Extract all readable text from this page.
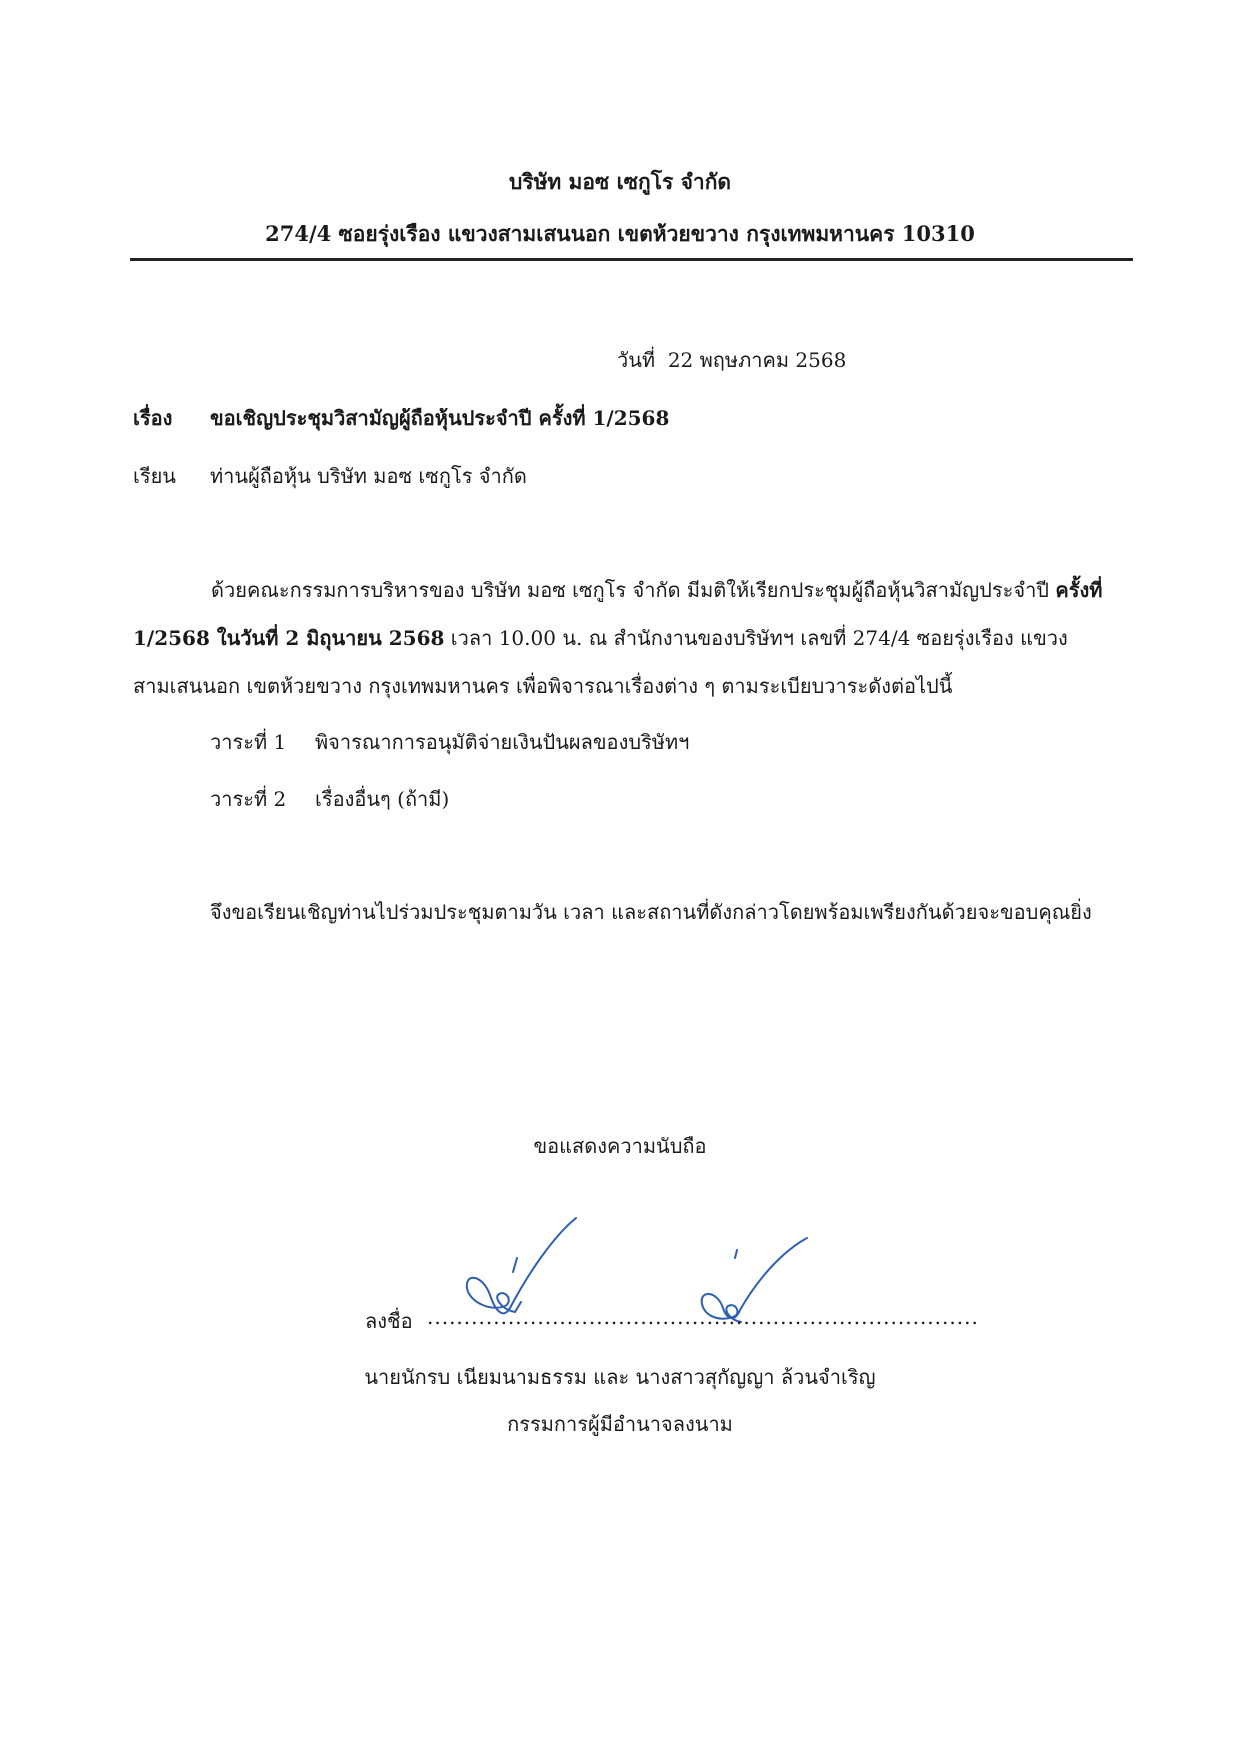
บริษัท มอซ เซกูโร จำกัด
274/4 ซอยรุ่งเรือง แขวงสามเสนนอก เขตห้วยขวาง กรุงเทพมหานคร 10310
วันที่ 22 พฤษภาคม 2568
เรื่อง ขอเชิญประชุมวิสามัญผู้ถือหุ้นประจำปี ครั้งที่ 1/2568
เรียน ท่านผู้ถือหุ้น บริษัท มอซ เซกูโร จำกัด
ด้วยคณะกรรมการบริหารของ บริษัท มอซ เซกูโร จำกัด มีมติให้เรียกประชุมผู้ถือหุ้นวิสามัญประจำปี ครั้งที่ 1/2568 ในวันที่ 2 มิถุนายน 2568 เวลา 10.00 น. ณ สำนักงานของบริษัทฯ เลขที่ 274/4 ซอยรุ่งเรือง แขวงสามเสนนอก เขตห้วยขวาง กรุงเทพมหานคร เพื่อพิจารณาเรื่องต่าง ๆ ตามระเบียบวาระดังต่อไปนี้
วาระที่ 1 พิจารณาการอนุมัติจ่ายเงินปันผลของบริษัทฯ
วาระที่ 2 เรื่องอื่นๆ (ถ้ามี)
จึงขอเรียนเชิญท่านไปร่วมประชุมตามวัน เวลา และสถานที่ดังกล่าวโดยพร้อมเพรียงกันด้วยจะขอบคุณยิ่ง
ขอแสดงความนับถือ
ลงชื่อ ...........................................................................
นายนักรบ เนียมนามธรรม และ นางสาวสุกัญญา ล้วนจำเริญ
กรรมการผู้มีอำนาจลงนาม
